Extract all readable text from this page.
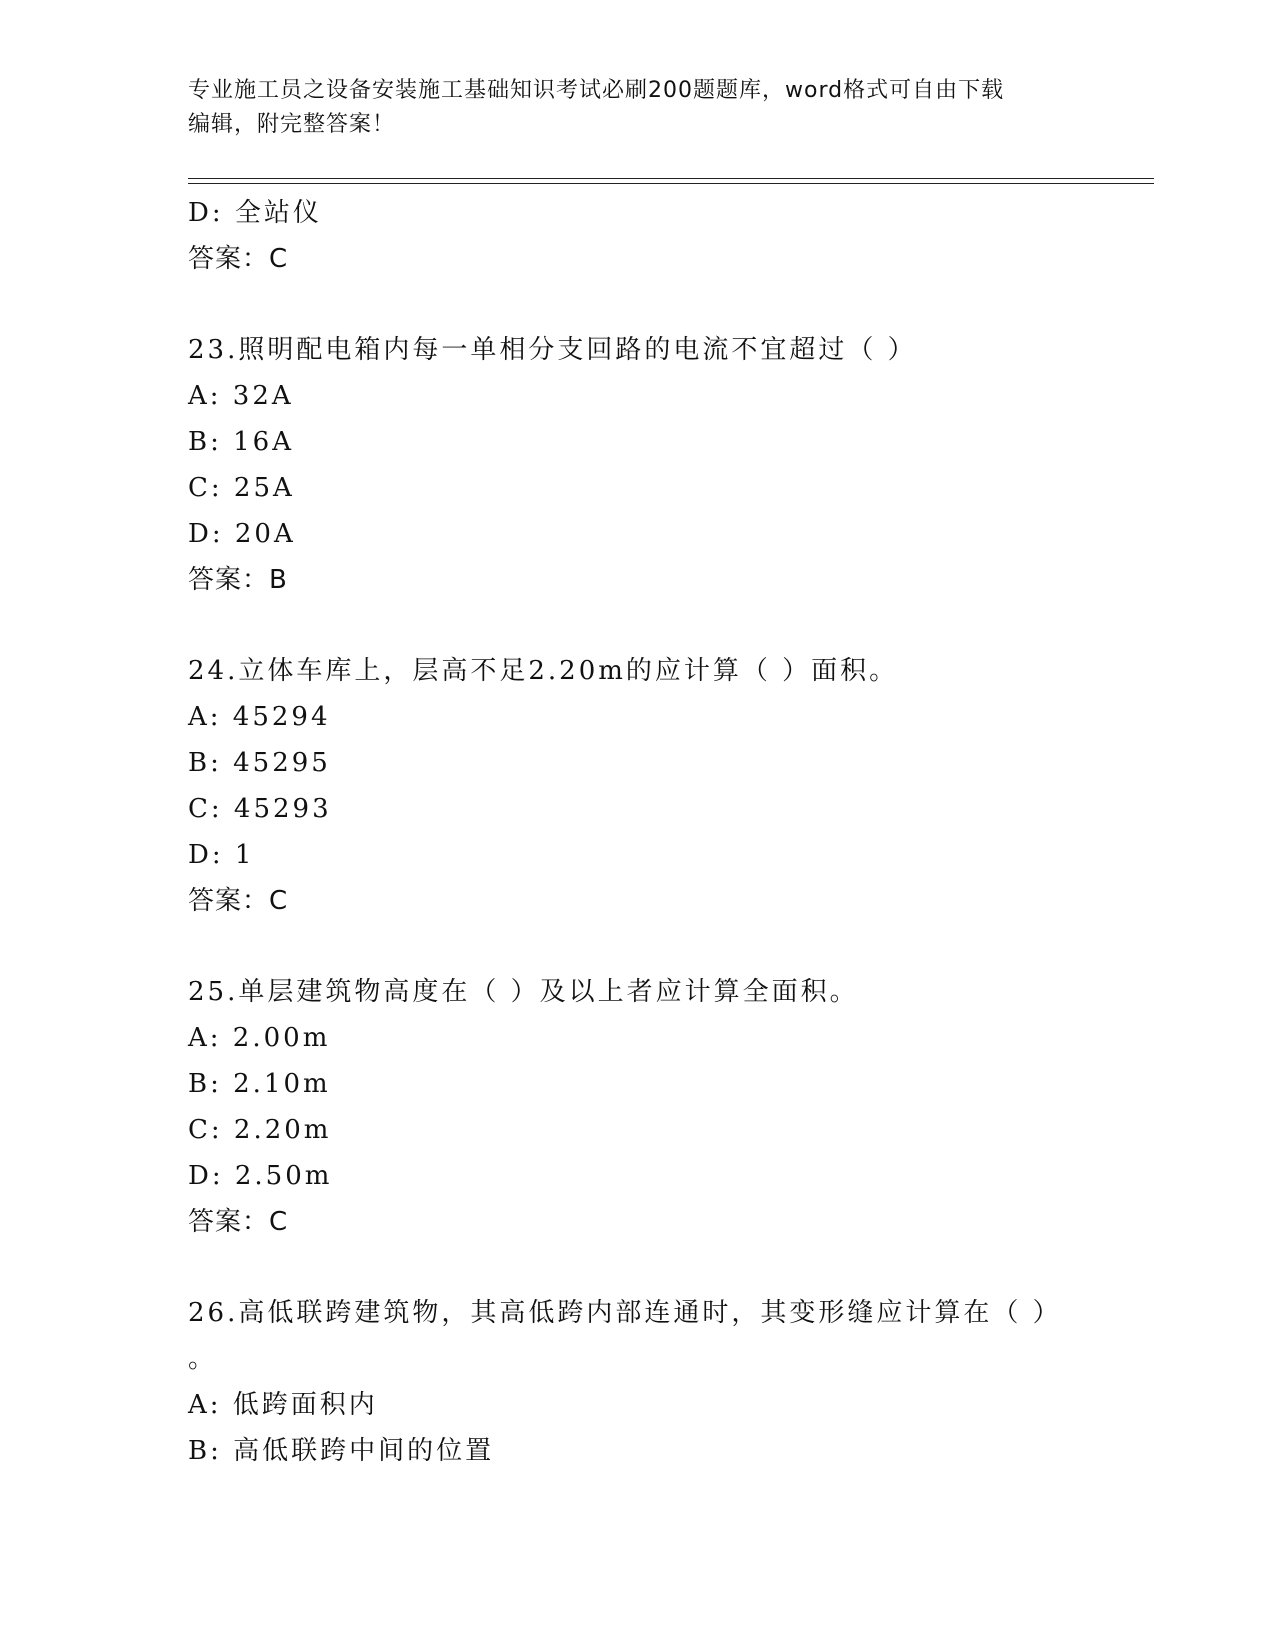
专业施工员之设备安装施工基础知识考试必刷200题题库，word格式可自由下载

编辑，附完整答案！

D: 全站仪
答案：C
23.照明配电箱内每一单相分支回路的电流不宜超过（ ）
A: 32A
B: 16A
C: 25A
D: 20A
答案：B
24.立体车库上，层高不足2.20m的应计算（ ）面积。
A: 45294
B: 45295
C: 45293
D: 1
答案：C
25.单层建筑物高度在（ ）及以上者应计算全面积。
A: 2.00m
B: 2.10m
C: 2.20m
D: 2.50m
答案：C
26.高低联跨建筑物，其高低跨内部连通时，其变形缝应计算在（ ）
。
A: 低跨面积内
B: 高低联跨中间的位置
